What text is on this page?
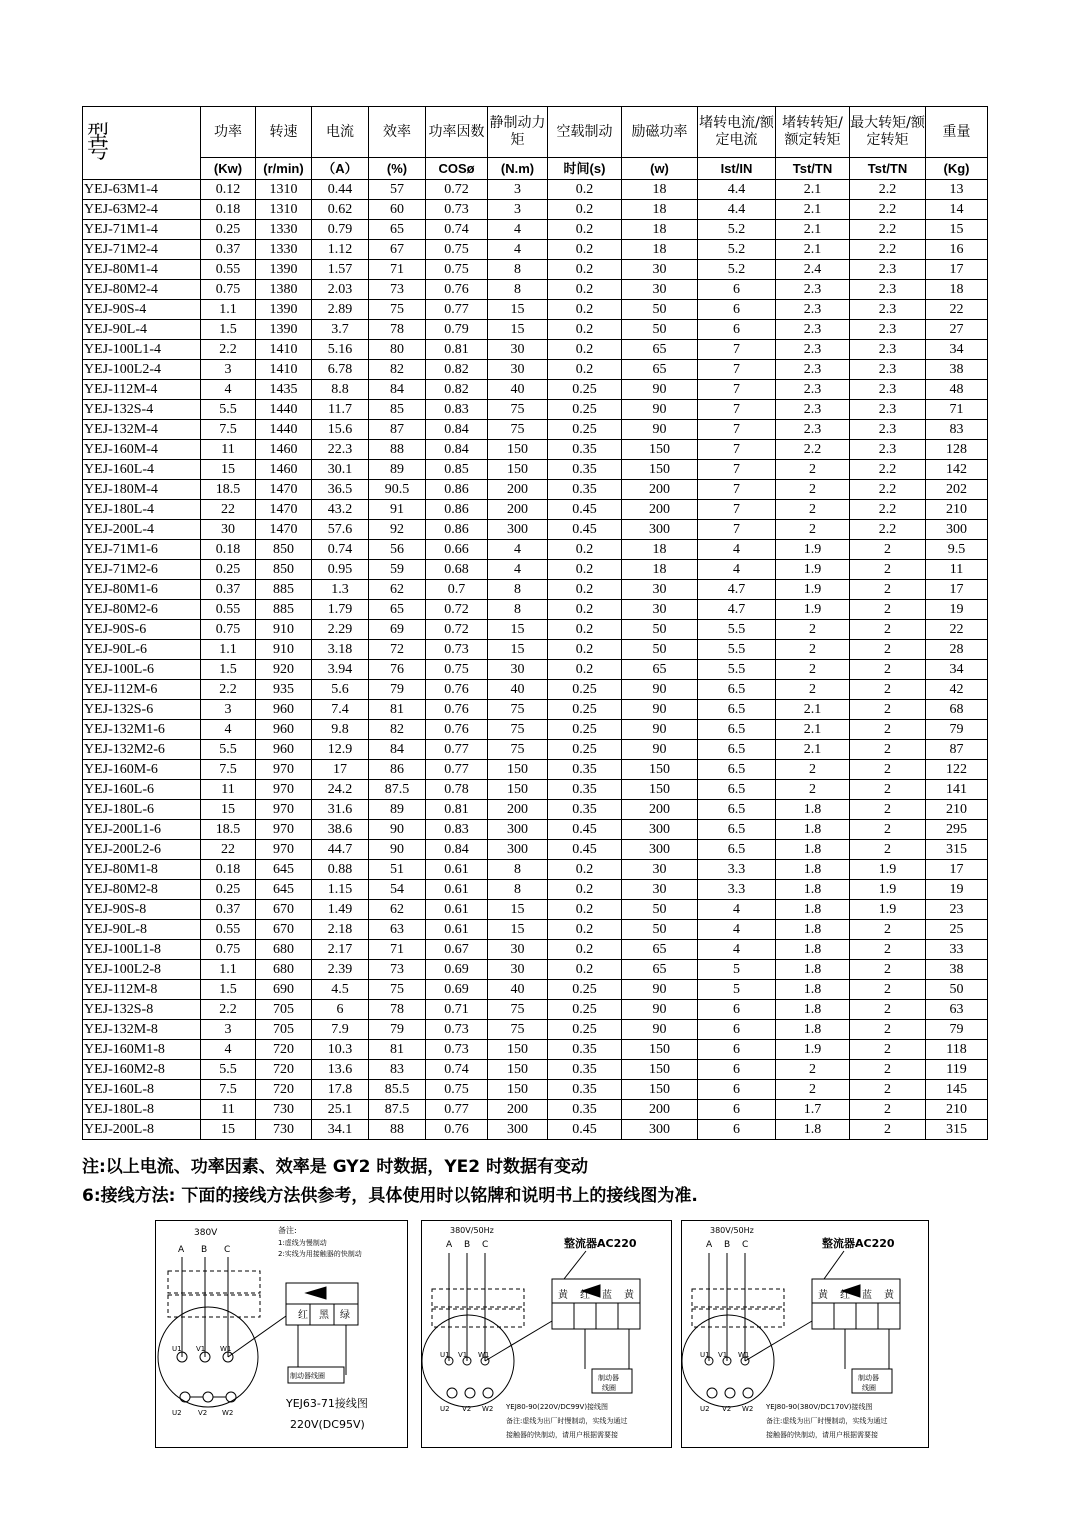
型　号	功率	转速	电流	效率	功率因数	静制动力矩	空载制动	励磁功率	堵转电流/额定电流	堵转转矩/额定转矩	最大转矩/额定转矩	重量
	(Kw)	(r/min)	（A）	(%)	COSø	(N.m)	时间(s)	(w)	Ist/IN	Tst/TN	Tst/TN	(Kg)
YEJ-63M1-4	0.12	1310	0.44	57	0.72	3	0.2	18	4.4	2.1	2.2	13
YEJ-63M2-4	0.18	1310	0.62	60	0.73	3	0.2	18	4.4	2.1	2.2	14
YEJ-71M1-4	0.25	1330	0.79	65	0.74	4	0.2	18	5.2	2.1	2.2	15
YEJ-71M2-4	0.37	1330	1.12	67	0.75	4	0.2	18	5.2	2.1	2.2	16
YEJ-80M1-4	0.55	1390	1.57	71	0.75	8	0.2	30	5.2	2.4	2.3	17
YEJ-80M2-4	0.75	1380	2.03	73	0.76	8	0.2	30	6	2.3	2.3	18
YEJ-90S-4	1.1	1390	2.89	75	0.77	15	0.2	50	6	2.3	2.3	22
YEJ-90L-4	1.5	1390	3.7	78	0.79	15	0.2	50	6	2.3	2.3	27
YEJ-100L1-4	2.2	1410	5.16	80	0.81	30	0.2	65	7	2.3	2.3	34
YEJ-100L2-4	3	1410	6.78	82	0.82	30	0.2	65	7	2.3	2.3	38
YEJ-112M-4	4	1435	8.8	84	0.82	40	0.25	90	7	2.3	2.3	48
YEJ-132S-4	5.5	1440	11.7	85	0.83	75	0.25	90	7	2.3	2.3	71
YEJ-132M-4	7.5	1440	15.6	87	0.84	75	0.25	90	7	2.3	2.3	83
YEJ-160M-4	11	1460	22.3	88	0.84	150	0.35	150	7	2.2	2.3	128
YEJ-160L-4	15	1460	30.1	89	0.85	150	0.35	150	7	2	2.2	142
YEJ-180M-4	18.5	1470	36.5	90.5	0.86	200	0.35	200	7	2	2.2	202
YEJ-180L-4	22	1470	43.2	91	0.86	200	0.45	200	7	2	2.2	210
YEJ-200L-4	30	1470	57.6	92	0.86	300	0.45	300	7	2	2.2	300
YEJ-71M1-6	0.18	850	0.74	56	0.66	4	0.2	18	4	1.9	2	9.5
YEJ-71M2-6	0.25	850	0.95	59	0.68	4	0.2	18	4	1.9	2	11
YEJ-80M1-6	0.37	885	1.3	62	0.7	8	0.2	30	4.7	1.9	2	17
YEJ-80M2-6	0.55	885	1.79	65	0.72	8	0.2	30	4.7	1.9	2	19
YEJ-90S-6	0.75	910	2.29	69	0.72	15	0.2	50	5.5	2	2	22
YEJ-90L-6	1.1	910	3.18	72	0.73	15	0.2	50	5.5	2	2	28
YEJ-100L-6	1.5	920	3.94	76	0.75	30	0.2	65	5.5	2	2	34
YEJ-112M-6	2.2	935	5.6	79	0.76	40	0.25	90	6.5	2	2	42
YEJ-132S-6	3	960	7.4	81	0.76	75	0.25	90	6.5	2.1	2	68
YEJ-132M1-6	4	960	9.8	82	0.76	75	0.25	90	6.5	2.1	2	79
YEJ-132M2-6	5.5	960	12.9	84	0.77	75	0.25	90	6.5	2.1	2	87
YEJ-160M-6	7.5	970	17	86	0.77	150	0.35	150	6.5	2	2	122
YEJ-160L-6	11	970	24.2	87.5	0.78	150	0.35	150	6.5	2	2	141
YEJ-180L-6	15	970	31.6	89	0.81	200	0.35	200	6.5	1.8	2	210
YEJ-200L1-6	18.5	970	38.6	90	0.83	300	0.45	300	6.5	1.8	2	295
YEJ-200L2-6	22	970	44.7	90	0.84	300	0.45	300	6.5	1.8	2	315
YEJ-80M1-8	0.18	645	0.88	51	0.61	8	0.2	30	3.3	1.8	1.9	17
YEJ-80M2-8	0.25	645	1.15	54	0.61	8	0.2	30	3.3	1.8	1.9	19
YEJ-90S-8	0.37	670	1.49	62	0.61	15	0.2	50	4	1.8	1.9	23
YEJ-90L-8	0.55	670	2.18	63	0.61	15	0.2	50	4	1.8	2	25
YEJ-100L1-8	0.75	680	2.17	71	0.67	30	0.2	65	4	1.8	2	33
YEJ-100L2-8	1.1	680	2.39	73	0.69	30	0.2	65	5	1.8	2	38
YEJ-112M-8	1.5	690	4.5	75	0.69	40	0.25	90	5	1.8	2	50
YEJ-132S-8	2.2	705	6	78	0.71	75	0.25	90	6	1.8	2	63
YEJ-132M-8	3	705	7.9	79	0.73	75	0.25	90	6	1.8	2	79
YEJ-160M1-8	4	720	10.3	81	0.73	150	0.35	150	6	1.9	2	118
YEJ-160M2-8	5.5	720	13.6	83	0.74	150	0.35	150	6	2	2	119
YEJ-160L-8	7.5	720	17.8	85.5	0.75	150	0.35	150	6	2	2	145
YEJ-180L-8	11	730	25.1	87.5	0.77	200	0.35	200	6	1.7	2	210
YEJ-200L-8	15	730	34.1	88	0.76	300	0.45	300	6	1.8	2	315
注:以上电流、功率因素、效率是 GY2 时数据，YE2 时数据有变动
6:接线方法: 下面的接线方法供参考，具体使用时以铭牌和说明书上的接线图为准.
380V
A B C
备注:
1:虚线为慢制动
2:实线为用接触器的快制动
红 黑 绿
U1 V1 W1
U2 V2 W2
制动器线圈
YEJ63-71接线图
220V(DC95V)
380V/50Hz
A B C	整流器AC220
黄 红 蓝 黄
U1 V1 W1
U2 V2 W2
制动器
线圈
YEJ80-90(220V/DC99V)接线图
备注:虚线为出厂时慢制动，实线为通过
接触器的快制动，请用户根据需要接
380V/50Hz
A B C	整流器AC220
黄 红 蓝 黄
U1 V1 W1
U2 V2 W2
制动器
线圈
YEJ80-90(380V/DC170V)接线图
备注:虚线为出厂时慢制动，实线为通过
接触器的快制动，请用户根据需要接
